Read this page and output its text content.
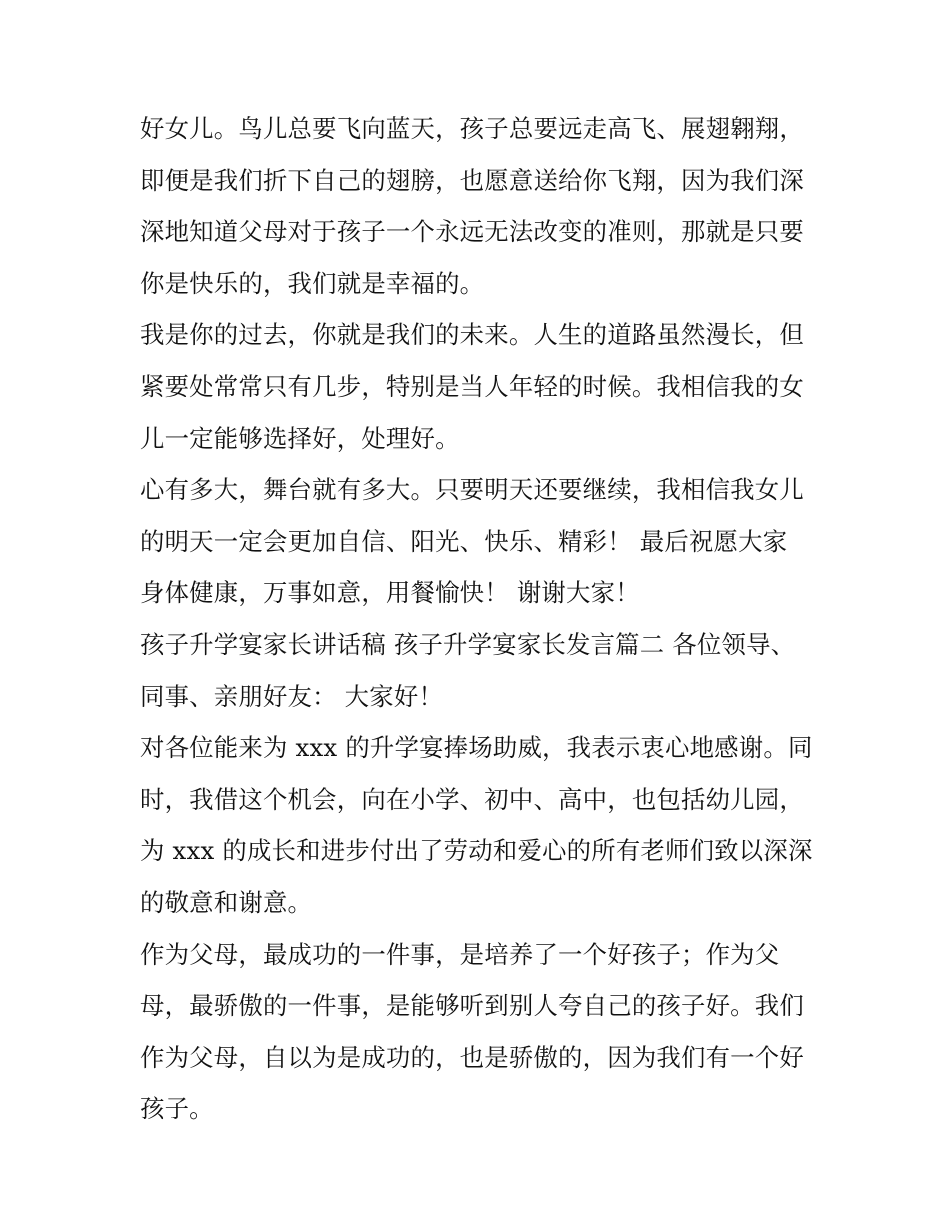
好女儿。鸟儿总要飞向蓝天，孩子总要远走高飞、展翅翱翔，
即便是我们折下自己的翅膀，也愿意送给你飞翔，因为我们深
深地知道父母对于孩子一个永远无法改变的准则，那就是只要
你是快乐的，我们就是幸福的。
我是你的过去，你就是我们的未来。人生的道路虽然漫长，但
紧要处常常只有几步，特别是当人年轻的时候。我相信我的女
儿一定能够选择好，处理好。
心有多大，舞台就有多大。只要明天还要继续，我相信我女儿
的明天一定会更加自信、阳光、快乐、精彩！ 最后祝愿大家
身体健康，万事如意，用餐愉快！ 谢谢大家！
孩子升学宴家长讲话稿 孩子升学宴家长发言篇二 各位领导、
同事、亲朋好友： 大家好！
对各位能来为 xxx 的升学宴捧场助威，我表示衷心地感谢。同
时，我借这个机会，向在小学、初中、高中，也包括幼儿园，
为 xxx 的成长和进步付出了劳动和爱心的所有老师们致以深深
的敬意和谢意。
作为父母，最成功的一件事，是培养了一个好孩子；作为父
母，最骄傲的一件事，是能够听到别人夸自己的孩子好。我们
作为父母，自以为是成功的，也是骄傲的，因为我们有一个好
孩子。
